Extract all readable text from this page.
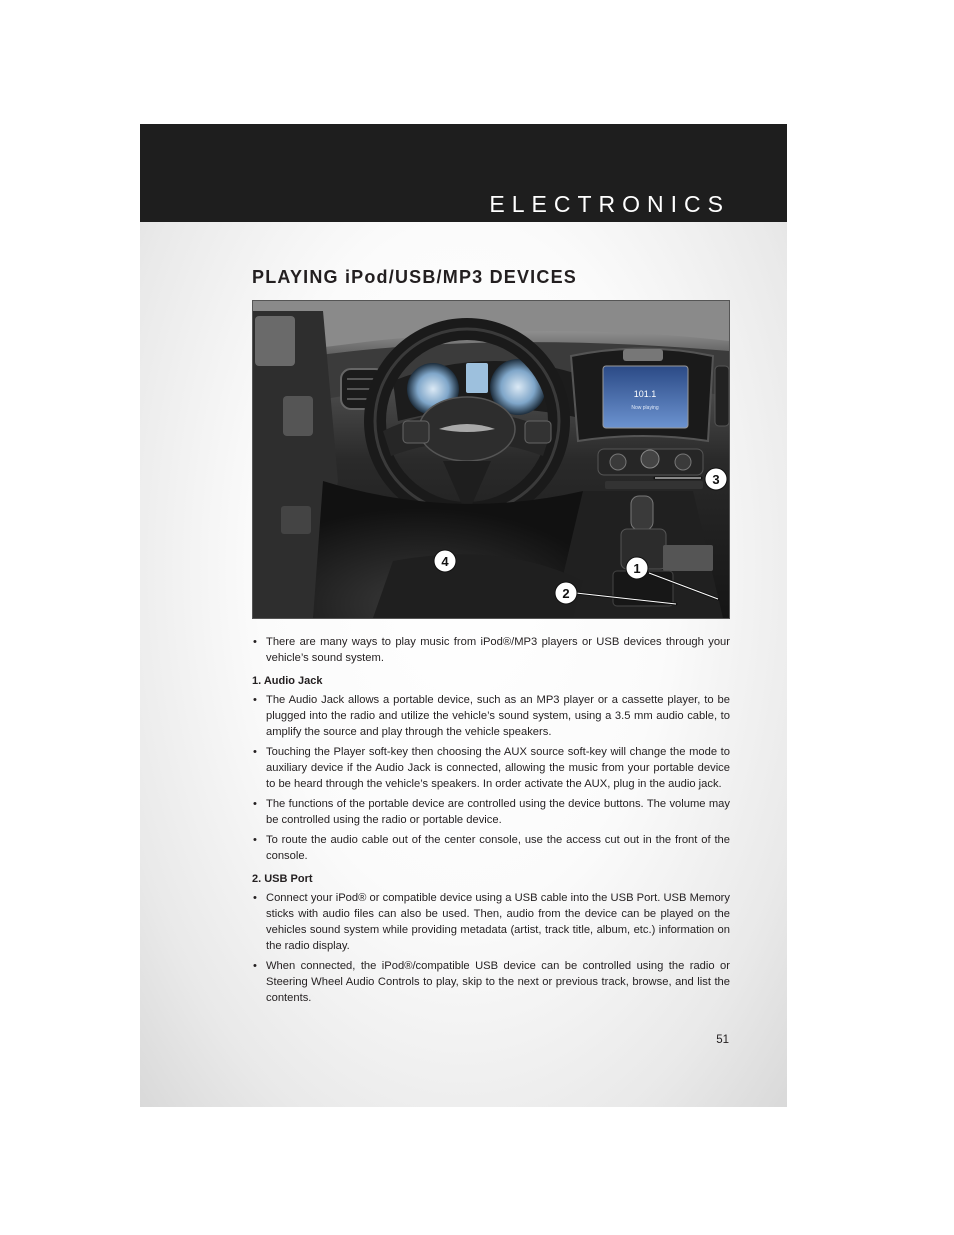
ELECTRONICS
PLAYING iPod/USB/MP3 DEVICES
101.1
Now playing
1
2
3
4

• There are many ways to play music from iPod®/MP3 players or USB devices through your vehicle’s sound system.

1. Audio Jack

• The Audio Jack allows a portable device, such as an MP3 player or a cassette player, to be plugged into the radio and utilize the vehicle’s sound system, using a 3.5 mm audio cable, to amplify the source and play through the vehicle speakers.

• Touching the Player soft-key then choosing the AUX source soft-key will change the mode to auxiliary device if the Audio Jack is connected, allowing the music from your portable device to be heard through the vehicle’s speakers. In order activate the AUX, plug in the audio jack.

• The functions of the portable device are controlled using the device buttons. The volume may be controlled using the radio or portable device.

• To route the audio cable out of the center console, use the access cut out in the front of the console.

2. USB Port

• Connect your iPod® or compatible device using a USB cable into the USB Port. USB Memory sticks with audio files can also be used. Then, audio from the device can be played on the vehicles sound system while providing metadata (artist, track title, album, etc.) information on the radio display.

• When connected, the iPod®/compatible USB device can be controlled using the radio or Steering Wheel Audio Controls to play, skip to the next or previous track, browse, and list the contents.

51
